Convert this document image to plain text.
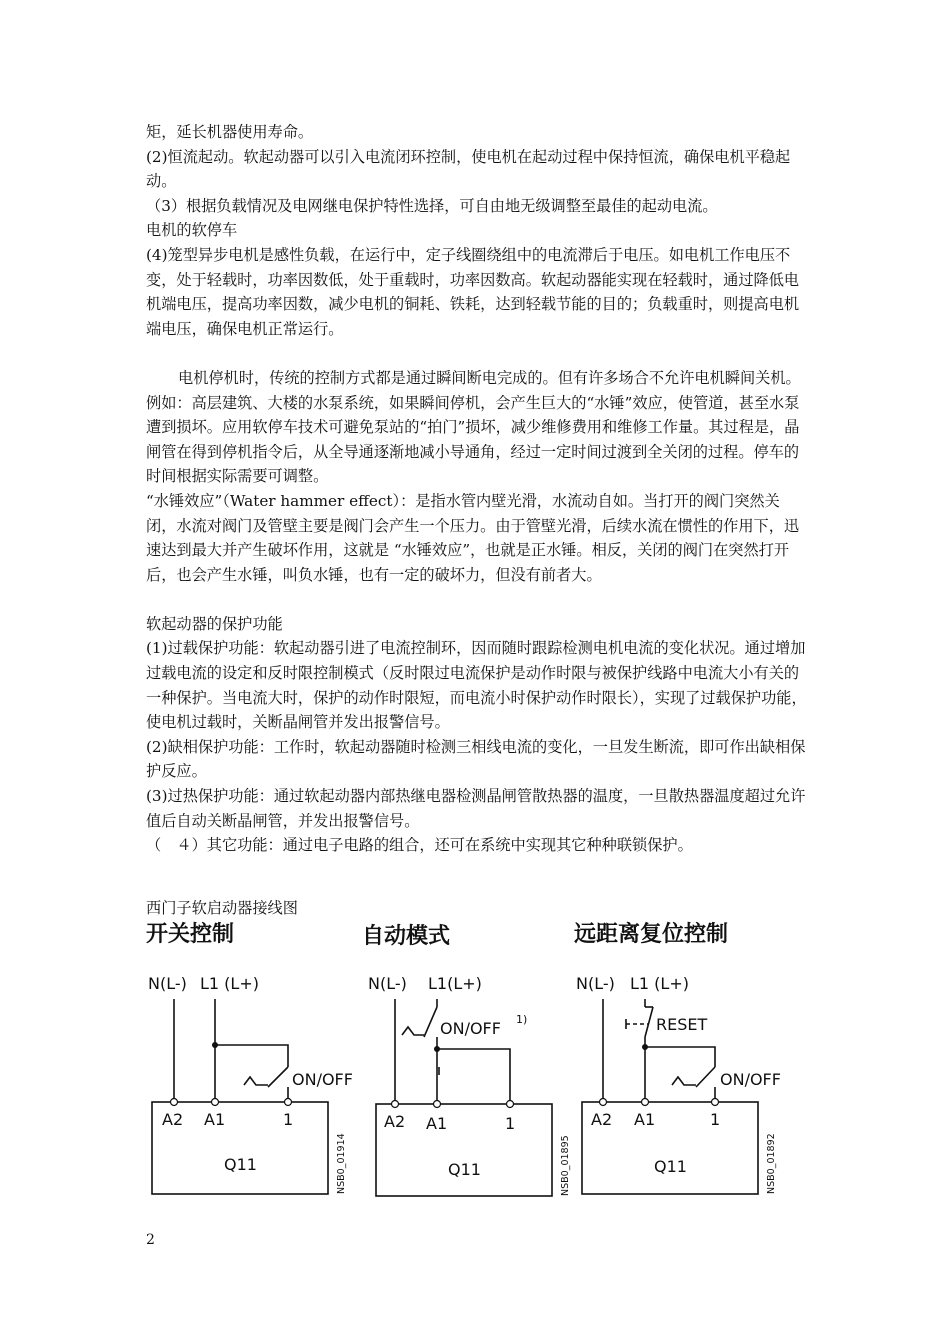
矩，延长机器使用寿命。

(2)恒流起动。软起动器可以引入电流闭环控制，使电机在起动过程中保持恒流，确保电机平稳起动。

（3）根据负载情况及电网继电保护特性选择，可自由地无级调整至最佳的起动电流。

电机的软停车

(4)笼型异步电机是感性负载，在运行中，定子线圈绕组中的电流滞后于电压。如电机工作电压不变，处于轻载时，功率因数低，处于重载时，功率因数高。软起动器能实现在轻载时，通过降低电机端电压，提高功率因数，减少电机的铜耗、铁耗，达到轻载节能的目的；负载重时，则提高电机端电压，确保电机正常运行。

电机停机时，传统的控制方式都是通过瞬间断电完成的。但有许多场合不允许电机瞬间关机。例如：高层建筑、大楼的水泵系统，如果瞬间停机，会产生巨大的“水锤”效应，使管道，甚至水泵遭到损坏。应用软停车技术可避免泵站的“拍门”损坏，减少维修费用和维修工作量。其过程是，晶闸管在得到停机指令后，从全导通逐渐地减小导通角，经过一定时间过渡到全关闭的过程。停车的时间根据实际需要可调整。

“水锤效应”（Water hammer effect）：是指水管内壁光滑，水流动自如。当打开的阀门突然关闭，水流对阀门及管壁主要是阀门会产生一个压力。由于管壁光滑，后续水流在惯性的作用下，迅速达到最大并产生破坏作用，这就是 “水锤效应”，也就是正水锤。相反，关闭的阀门在突然打开后，也会产生水锤，叫负水锤，也有一定的破坏力，但没有前者大。

软起动器的保护功能

(1)过载保护功能：软起动器引进了电流控制环，因而随时跟踪检测电机电流的变化状况。通过增加过载电流的设定和反时限控制模式（反时限过电流保护是动作时限与被保护线路中电流大小有关的一种保护。当电流大时，保护的动作时限短，而电流小时保护动作时限长），实现了过载保护功能，使电机过载时，关断晶闸管并发出报警信号。

(2)缺相保护功能：工作时，软起动器随时检测三相线电流的变化，一旦发生断流，即可作出缺相保护反应。

(3)过热保护功能：通过软起动器内部热继电器检测晶闸管散热器的温度，一旦散热器温度超过允许值后自动关断晶闸管，并发出报警信号。

（　４）其它功能：通过电子电路的组合，还可在系统中实现其它种种联锁保护。

西门子软启动器接线图
开关控制
N(L-) L1 (L+)
ON/OFF
A2 A1	1
Q11	NSB0_01914
自动模式
N(L-) L1(L+)
ON/OFF 1)
A2 A1	1
Q11	NSB0_01895
远距离复位控制
N(L-) L1 (L+)
RESET
ON/OFF
A2 A1	1
Q11	NSB0_01892
2
